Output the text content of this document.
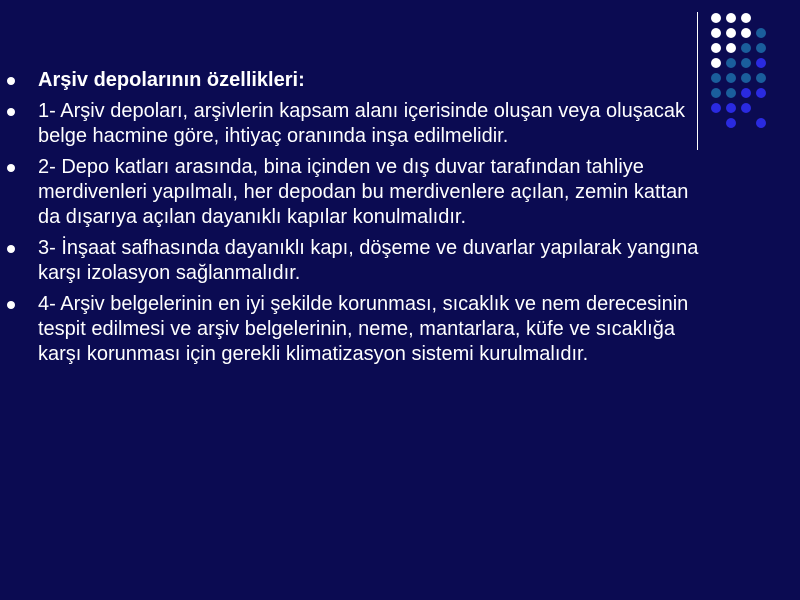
Arşiv depolarının özellikleri:
1- Arşiv depoları, arşivlerin kapsam alanı içerisinde oluşan veya oluşacak belge hacmine göre, ihtiyaç oranında inşa edilmelidir.
2- Depo katları arasında, bina içinden ve dış duvar tarafından tahliye merdivenleri yapılmalı, her depodan bu merdivenlere açılan, zemin kattan da dışarıya açılan dayanıklı kapılar konulmalıdır.
3- İnşaat safhasında dayanıklı kapı, döşeme ve duvarlar yapılarak yangına karşı izolasyon sağlanmalıdır.
4- Arşiv belgelerinin en iyi şekilde korunması, sıcaklık ve nem derecesinin tespit edilmesi ve arşiv belgelerinin, neme, mantarlara, küfe ve sıcaklığa karşı korunması için gerekli klimatizasyon sistemi kurulmalıdır.
